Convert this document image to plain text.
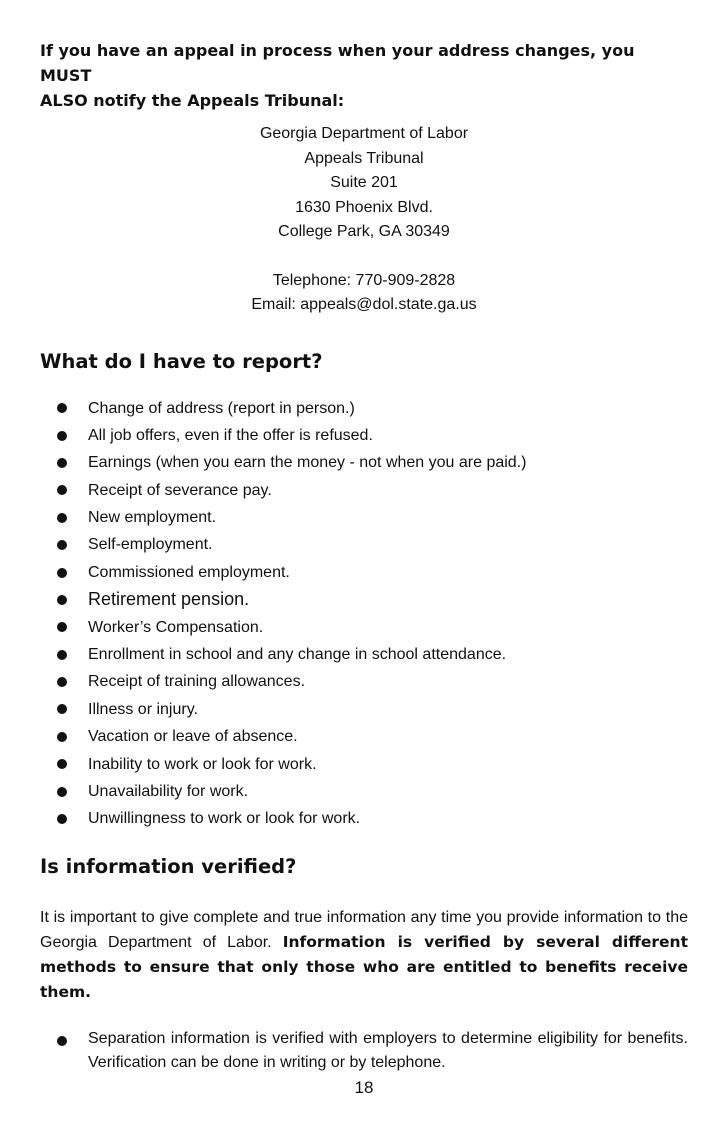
If you have an appeal in process when your address changes, you MUST
ALSO notify the Appeals Tribunal:

Georgia Department of Labor
Appeals Tribunal
Suite 201
1630 Phoenix Blvd.
College Park, GA 30349
Telephone: 770-909-2828
Email: appeals@dol.state.ga.us
What do I have to report?
Change of address (report in person.)
All job offers, even if the offer is refused.
Earnings (when you earn the money - not when you are paid.)
Receipt of severance pay.
New employment.
Self-employment.
Commissioned employment.
Retirement pension.
Worker’s Compensation.
Enrollment in school and any change in school attendance.
Receipt of training allowances.
Illness or injury.
Vacation or leave of absence.
Inability to work or look for work.
Unavailability for work.
Unwillingness to work or look for work.
Is information verified?

It is important to give complete and true information any time you provide information to the Georgia Department of Labor. Information is verified by several different methods to ensure that only those who are entitled to benefits receive them.

Separation information is verified with employers to determine eligibility for benefits. Verification can be done in writing or by telephone.
18
